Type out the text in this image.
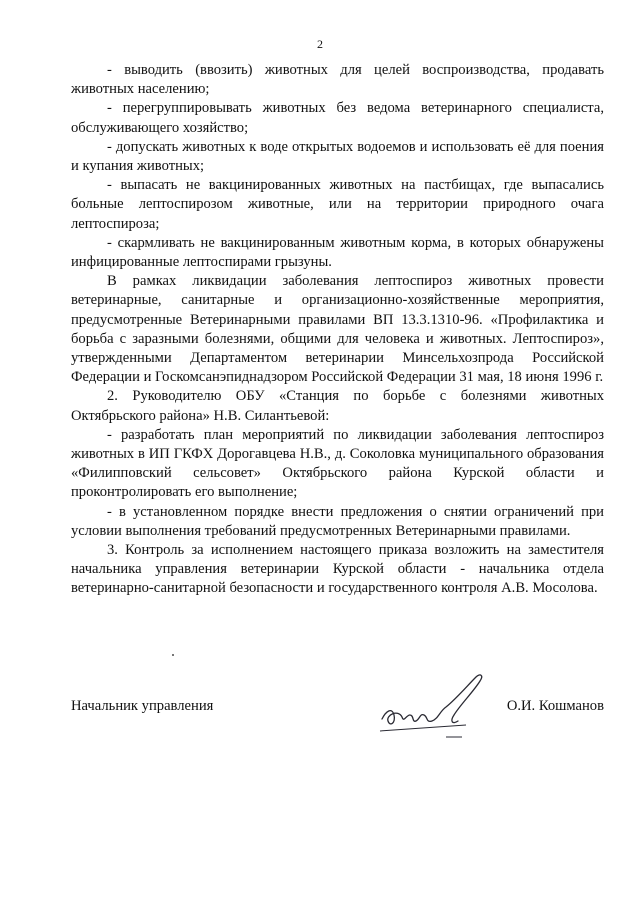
2

- выводить (ввозить) животных для целей воспроизводства, продавать животных населению;

- перегруппировывать животных без ведома ветеринарного специалиста, обслуживающего хозяйство;

- допускать животных к воде открытых водоемов и использовать её для поения и купания животных;

- выпасать не вакцинированных животных на пастбищах, где выпасались больные лептоспирозом животные, или на территории природного очага лептоспироза;

- скармливать не вакцинированным животным корма, в которых обнаружены инфицированные лептоспирами грызуны.

В рамках ликвидации заболевания лептоспироз животных провести ветеринарные, санитарные и организационно-хозяйственные мероприятия, предусмотренные Ветеринарными правилами ВП 13.3.1310-96. «Профилактика и борьба с заразными болезнями, общими для человека и животных. Лептоспироз», утвержденными Департаментом ветеринарии Минсельхозпрода Российской Федерации и Госкомсанэпиднадзором Российской Федерации 31 мая, 18 июня 1996 г.

2. Руководителю ОБУ «Станция по борьбе с болезнями животных Октябрьского района» Н.В. Силантьевой:

- разработать план мероприятий по ликвидации заболевания лептоспироз животных в ИП ГКФХ Дорогавцева Н.В., д. Соколовка муниципального образования «Филипповский сельсовет» Октябрьского района Курской области и проконтролировать его выполнение;

- в установленном порядке внести предложения о снятии ограничений при условии выполнения требований предусмотренных Ветеринарными правилами.

3. Контроль за исполнением настоящего приказа возложить на заместителя начальника управления ветеринарии Курской области - начальника отдела ветеринарно-санитарной безопасности и государственного контроля А.В. Мосолова.

Начальник управления	О.И. Кошманов
